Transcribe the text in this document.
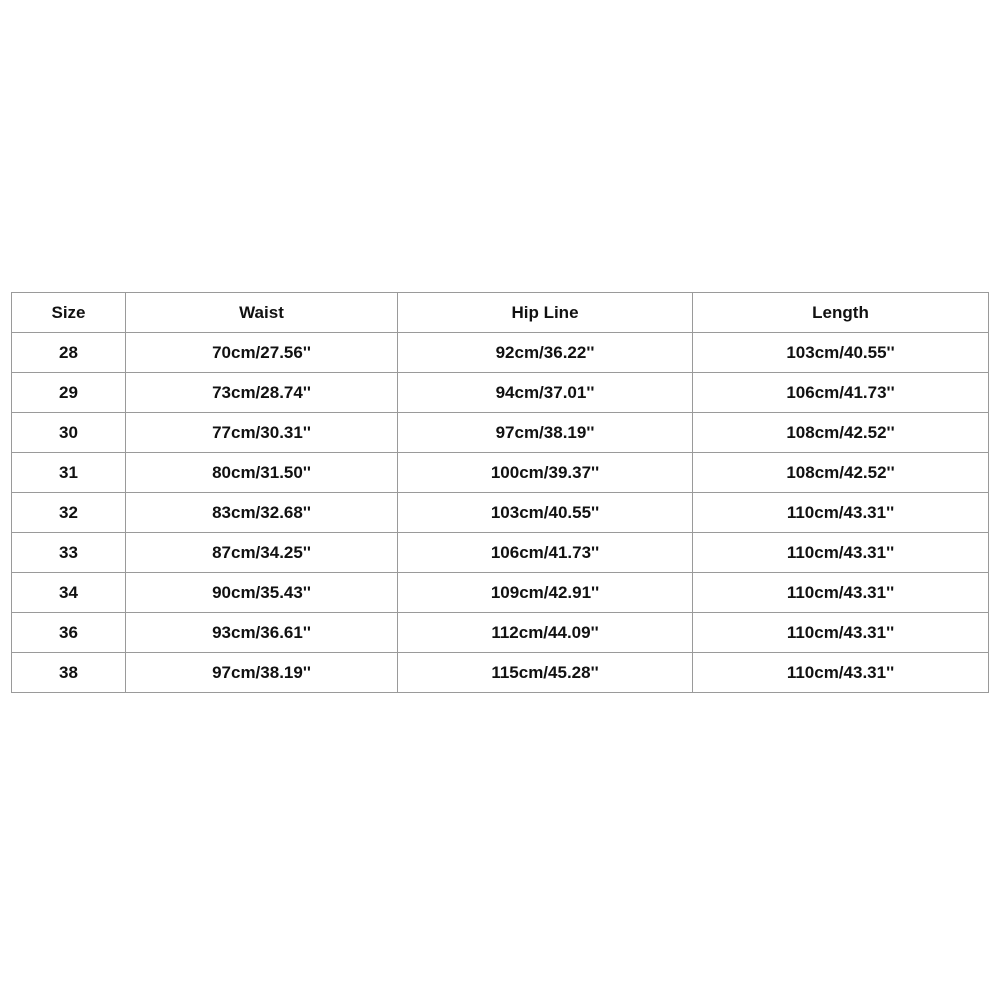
Size	Waist	Hip Line	Length
28	70cm/27.56''	92cm/36.22''	103cm/40.55''
29	73cm/28.74''	94cm/37.01''	106cm/41.73''
30	77cm/30.31''	97cm/38.19''	108cm/42.52''
31	80cm/31.50''	100cm/39.37''	108cm/42.52''
32	83cm/32.68''	103cm/40.55''	110cm/43.31''
33	87cm/34.25''	106cm/41.73''	110cm/43.31''
34	90cm/35.43''	109cm/42.91''	110cm/43.31''
36	93cm/36.61''	112cm/44.09''	110cm/43.31''
38	97cm/38.19''	115cm/45.28''	110cm/43.31''
